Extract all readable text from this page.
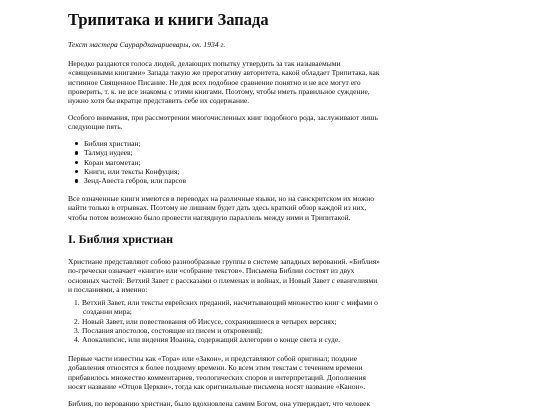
Трипитака и книги Запада
Текст мастера Саурардханариевары, ок. 1934 г.

Нередко раздаются голоса людей, делающих попытку утвердить за так называемыми
«священными книгами» Запада такую же прерогативу авторитета, какой обладает Трипитака, как
истинное Священное Писание. Не для всех подобное сравнение понятно и не все могут его
проверить, т. к. не все знакомы с этими книгами. Поэтому, чтобы иметь правильное суждение,
нужно хотя бы вкратце представить себе их содержание.

Особого внимания, при рассмотрении многочисленных книг подобного рода, заслуживают лишь
следующие пять.

Библия христиан;
Талмуд иудеев;
Коран магометан;
Книги, или тексты Конфуция;
Зенд-Авеста гебров, или парсов

Все означенные книги имеются в переводах на различные языки, но на санскритском их можно
найти только в отрывках. Поэтому не лишним будет дать здесь краткий обзор каждой из них,
чтобы потом возможно было провести наглядную параллель между ними и Трипитакой.

I. Библия христиан

Христиане представляют собою разнообразные группы в системе западных верований. «Библия»
по-гречески означает «книги» или «собрание текстов». Письмена Библии состоят из двух
основных частей: Ветхий Завет с рассказами о племенах и войнах, и Новый Завет с евангелиями
и посланиями, а именно:

1. Ветхий Завет, или тексты еврейских преданий, насчитывающий множество книг с мифами о
созданни мира;
2. Новый Завет, или повествования об Иисусе, сохранившиеся в четырех версиях;
3. Послания апостолов, состоящие из писем и откровений;
4. Апокалипсис, или видения Иоанна, содержащий аллегории о конце света и суде.

Первые части известны как «Тора» или «Закон», и представляют собой оригинал; поздние
добавления относятся к более позднему времени. Ко всем этим текстам с течением времени
прибавилось множество комментариев, теологических споров и интерпретаций. Дополнения
носят название «Отцов Церкви», тогда как оригинальные письмена носят название «Канон».

Библия, по верованию христиан, было вдохновлена самим Богом, она утверждает, что человек
